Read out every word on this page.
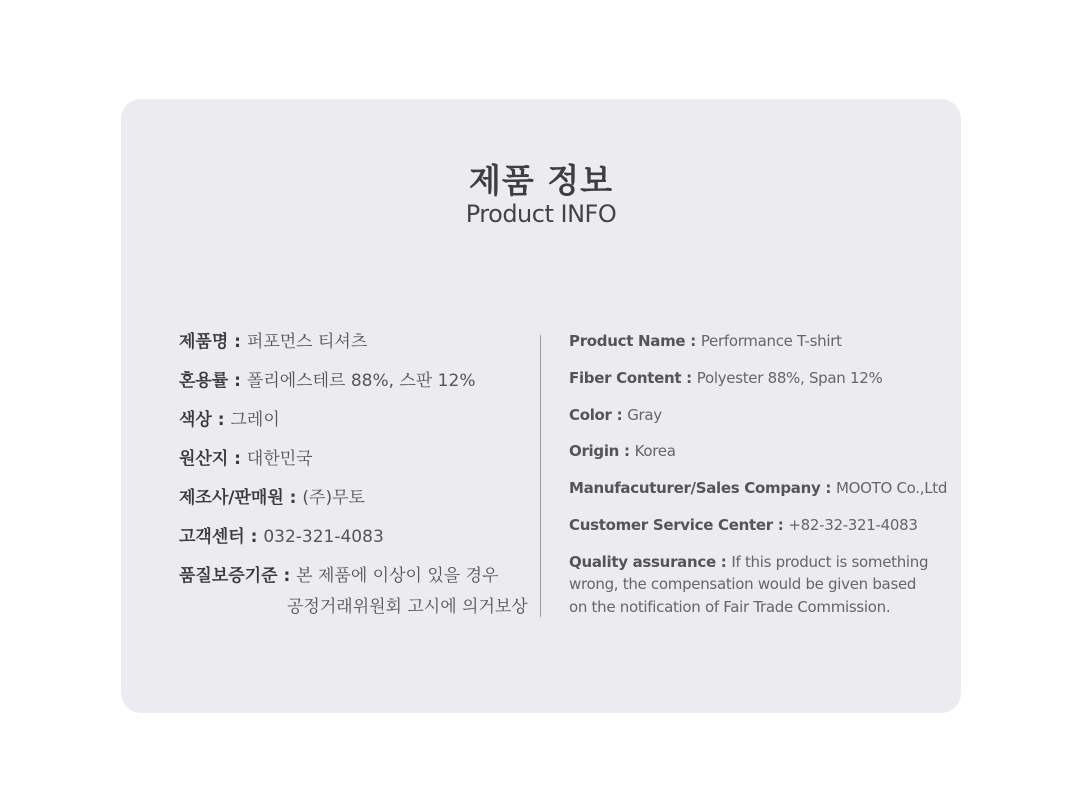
제품 정보
Product INFO
제품명 : 퍼포먼스 티셔츠
혼용률 : 폴리에스테르 88%, 스판 12%
색상 : 그레이
원산지 : 대한민국
제조사/판매원 : (주)무토
고객센터 : 032-321-4083
품질보증기준 : 본 제품에 이상이 있을 경우
공정거래위원회 고시에 의거보상
Product Name : Performance T-shirt
Fiber Content : Polyester 88%, Span 12%
Color : Gray
Origin : Korea
Manufacuturer/Sales Company : MOOTO Co.,Ltd
Customer Service Center : +82-32-321-4083
Quality assurance : If this product is something
wrong, the compensation would be given based
on the notification of Fair Trade Commission.
